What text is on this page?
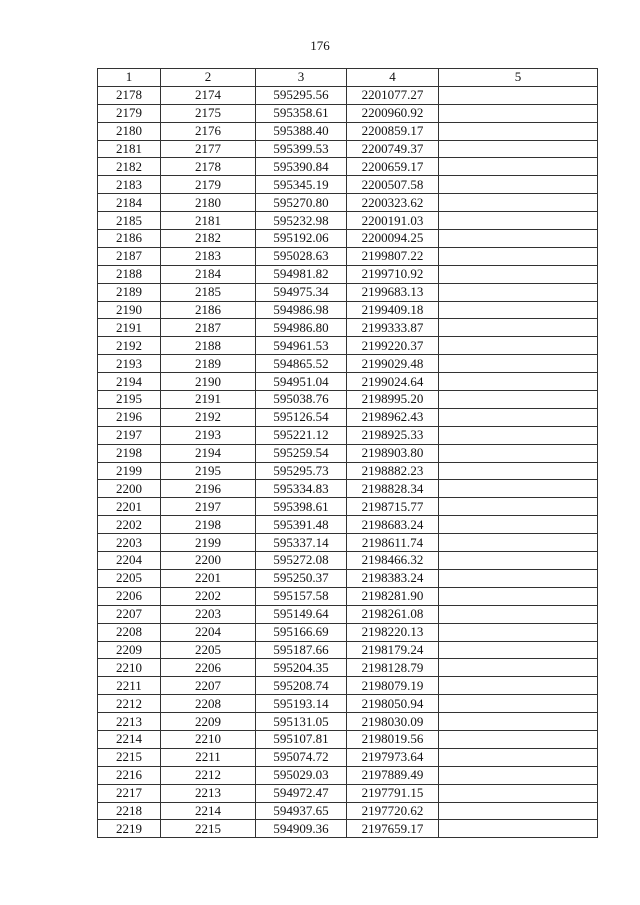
176
1	2	3	4	5
2178	2174	595295.56	2201077.27	
2179	2175	595358.61	2200960.92	
2180	2176	595388.40	2200859.17	
2181	2177	595399.53	2200749.37	
2182	2178	595390.84	2200659.17	
2183	2179	595345.19	2200507.58	
2184	2180	595270.80	2200323.62	
2185	2181	595232.98	2200191.03	
2186	2182	595192.06	2200094.25	
2187	2183	595028.63	2199807.22	
2188	2184	594981.82	2199710.92	
2189	2185	594975.34	2199683.13	
2190	2186	594986.98	2199409.18	
2191	2187	594986.80	2199333.87	
2192	2188	594961.53	2199220.37	
2193	2189	594865.52	2199029.48	
2194	2190	594951.04	2199024.64	
2195	2191	595038.76	2198995.20	
2196	2192	595126.54	2198962.43	
2197	2193	595221.12	2198925.33	
2198	2194	595259.54	2198903.80	
2199	2195	595295.73	2198882.23	
2200	2196	595334.83	2198828.34	
2201	2197	595398.61	2198715.77	
2202	2198	595391.48	2198683.24	
2203	2199	595337.14	2198611.74	
2204	2200	595272.08	2198466.32	
2205	2201	595250.37	2198383.24	
2206	2202	595157.58	2198281.90	
2207	2203	595149.64	2198261.08	
2208	2204	595166.69	2198220.13	
2209	2205	595187.66	2198179.24	
2210	2206	595204.35	2198128.79	
2211	2207	595208.74	2198079.19	
2212	2208	595193.14	2198050.94	
2213	2209	595131.05	2198030.09	
2214	2210	595107.81	2198019.56	
2215	2211	595074.72	2197973.64	
2216	2212	595029.03	2197889.49	
2217	2213	594972.47	2197791.15	
2218	2214	594937.65	2197720.62	
2219	2215	594909.36	2197659.17	
